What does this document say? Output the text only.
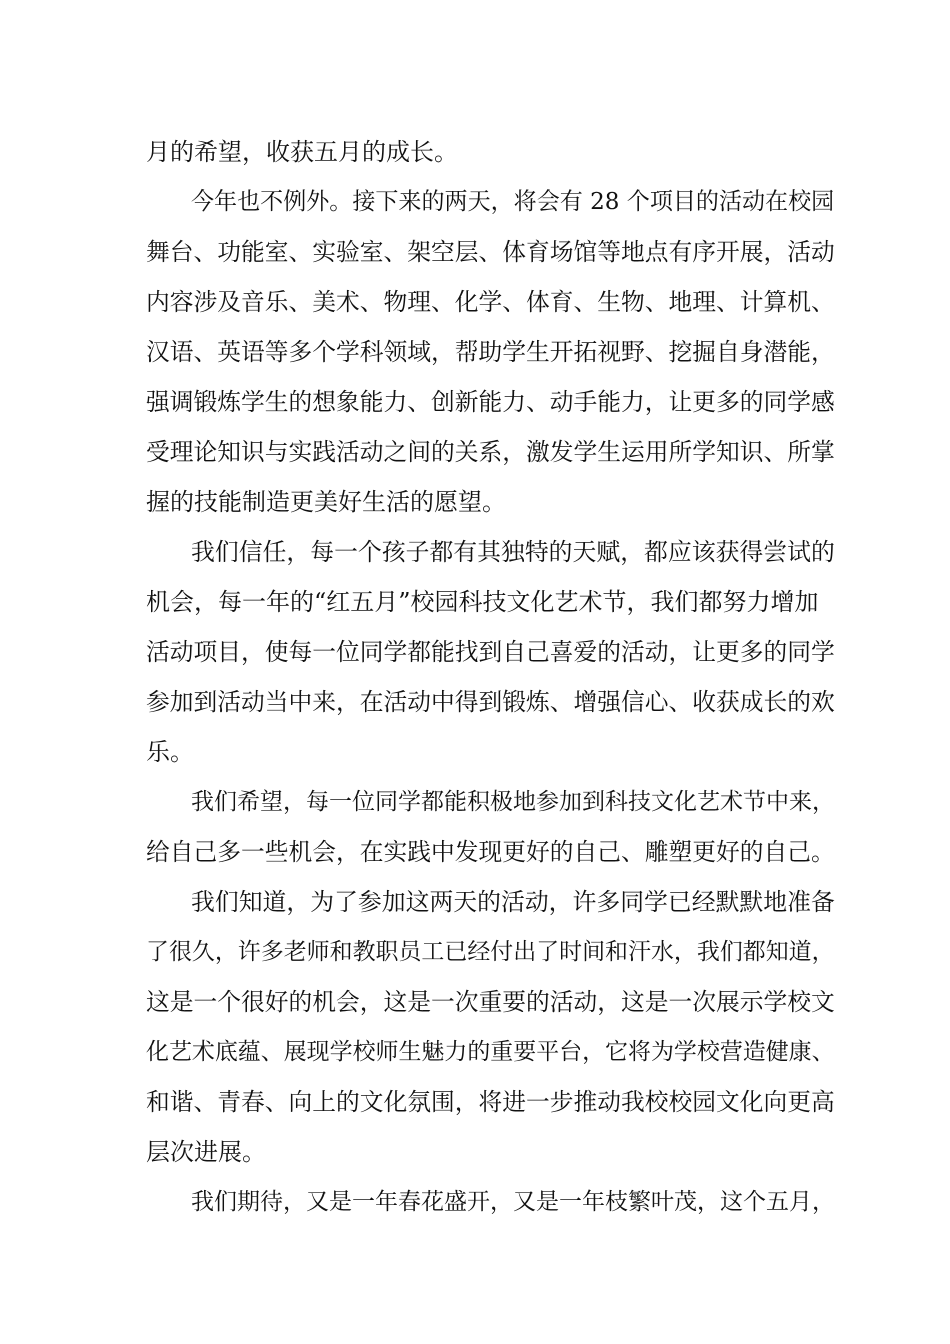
月的希望，收获五月的成长。
今年也不例外。接下来的两天，将会有 28 个项目的活动在校园
舞台、功能室、实验室、架空层、体育场馆等地点有序开展，活动
内容涉及音乐、美术、物理、化学、体育、生物、地理、计算机、
汉语、英语等多个学科领域，帮助学生开拓视野、挖掘自身潜能，
强调锻炼学生的想象能力、创新能力、动手能力，让更多的同学感
受理论知识与实践活动之间的关系，激发学生运用所学知识、所掌
握的技能制造更美好生活的愿望。
我们信任，每一个孩子都有其独特的天赋，都应该获得尝试的
机会，每一年的“红五月”校园科技文化艺术节，我们都努力增加
活动项目，使每一位同学都能找到自己喜爱的活动，让更多的同学
参加到活动当中来，在活动中得到锻炼、增强信心、收获成长的欢
乐。
我们希望，每一位同学都能积极地参加到科技文化艺术节中来，
给自己多一些机会，在实践中发现更好的自己、雕塑更好的自己。
我们知道，为了参加这两天的活动，许多同学已经默默地准备
了很久，许多老师和教职员工已经付出了时间和汗水，我们都知道，
这是一个很好的机会，这是一次重要的活动，这是一次展示学校文
化艺术底蕴、展现学校师生魅力的重要平台，它将为学校营造健康、
和谐、青春、向上的文化氛围，将进一步推动我校校园文化向更高
层次进展。
我们期待，又是一年春花盛开，又是一年枝繁叶茂，这个五月，
